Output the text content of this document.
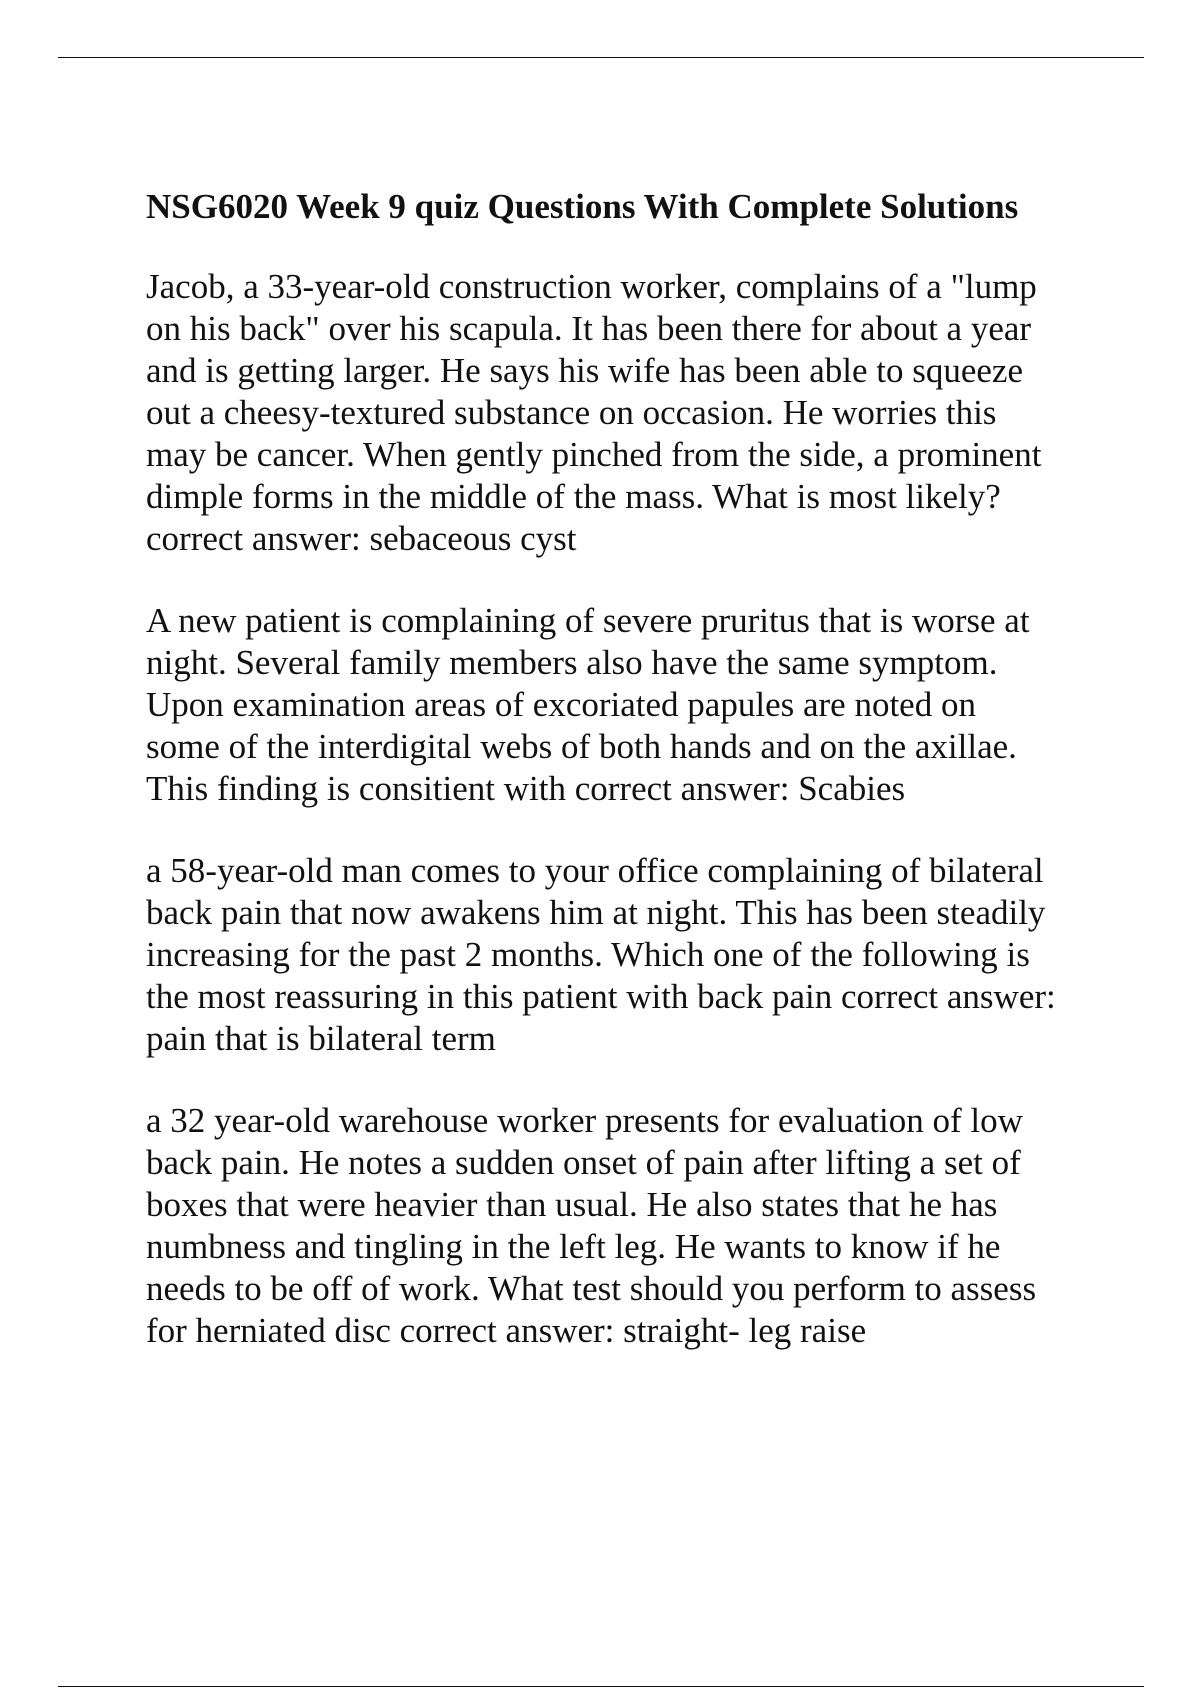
NSG6020 Week 9 quiz Questions With Complete Solutions
Jacob, a 33-year-old construction worker, complains of a "lump
on his back" over his scapula. It has been there for about a year
and is getting larger. He says his wife has been able to squeeze
out a cheesy-textured substance on occasion. He worries this
may be cancer. When gently pinched from the side, a prominent
dimple forms in the middle of the mass. What is most likely?
correct answer: sebaceous cyst
A new patient is complaining of severe pruritus that is worse at
night. Several family members also have the same symptom.
Upon examination areas of excoriated papules are noted on
some of the interdigital webs of both hands and on the axillae.
This finding is consitient with correct answer: Scabies
a 58-year-old man comes to your office complaining of bilateral
back pain that now awakens him at night. This has been steadily
increasing for the past 2 months. Which one of the following is
the most reassuring in this patient with back pain correct answer:
pain that is bilateral term
a 32 year-old warehouse worker presents for evaluation of low
back pain. He notes a sudden onset of pain after lifting a set of
boxes that were heavier than usual. He also states that he has
numbness and tingling in the left leg. He wants to know if he
needs to be off of work. What test should you perform to assess
for herniated disc correct answer: straight- leg raise
